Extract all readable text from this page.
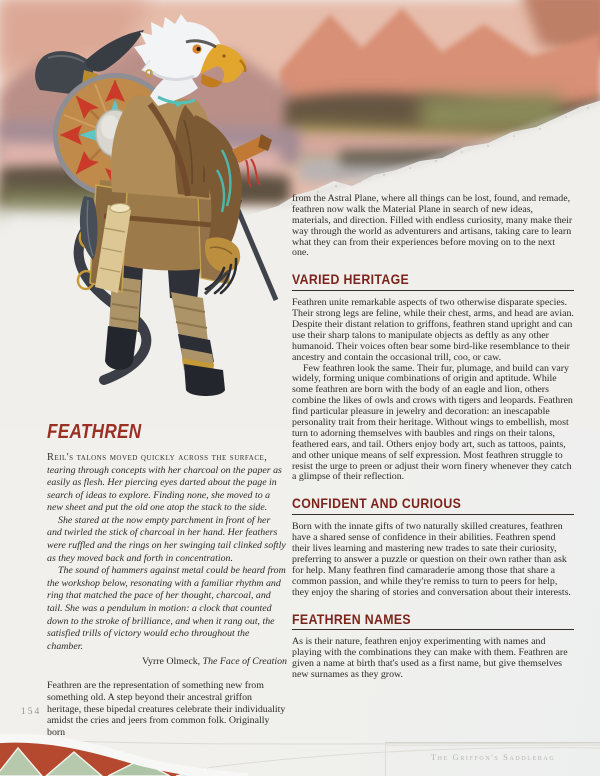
FEATHREN

Reil's talons moved quickly across the surface, tearing through concepts with her charcoal on the paper as easily as flesh. Her piercing eyes darted about the page in search of ideas to explore. Finding none, she moved to a new sheet and put the old one atop the stack to the side.

She stared at the now empty parchment in front of her and twirled the stick of charcoal in her hand. Her feathers were ruffled and the rings on her swinging tail clinked softly as they moved back and forth in concentration.

The sound of hammers against metal could be heard from the workshop below, resonating with a familiar rhythm and ring that matched the pace of her thought, charcoal, and tail. She was a pendulum in motion: a clock that counted down to the stroke of brilliance, and when it rang out, the satisfied trills of victory would echo throughout the chamber.

Vyrre Olmeck, The Face of Creation

Feathren are the representation of something new from something old. A step beyond their ancestral griffon heritage, these bipedal creatures celebrate their individuality amidst the cries and jeers from common folk. Originally born

from the Astral Plane, where all things can be lost, found, and remade, feathren now walk the Material Plane in search of new ideas, materials, and direction. Filled with endless curiosity, many make their way through the world as adventurers and artisans, taking care to learn what they can from their experiences before moving on to the next one.

VARIED HERITAGE

Feathren unite remarkable aspects of two otherwise disparate species. Their strong legs are feline, while their chest, arms, and head are avian. Despite their distant relation to griffons, feathren stand upright and can use their sharp talons to manipulate objects as deftly as any other humanoid. Their voices often bear some bird-like resemblance to their ancestry and contain the occasional trill, coo, or caw.

Few feathren look the same. Their fur, plumage, and build can vary widely, forming unique combinations of origin and aptitude. While some feathren are born with the body of an eagle and lion, others combine the likes of owls and crows with tigers and leopards. Feathren find particular pleasure in jewelry and decoration: an inescapable personality trait from their heritage. Without wings to embellish, most turn to adorning themselves with baubles and rings on their talons, feathered ears, and tail. Others enjoy body art, such as tattoos, paints, and other unique means of self expression. Most feathren struggle to resist the urge to preen or adjust their worn finery whenever they catch a glimpse of their reflection.

CONFIDENT AND CURIOUS

Born with the innate gifts of two naturally skilled creatures, feathren have a shared sense of confidence in their abilities. Feathren spend their lives learning and mastering new trades to sate their curiosity, preferring to answer a puzzle or question on their own rather than ask for help. Many feathren find camaraderie among those that share a common passion, and while they're remiss to turn to peers for help, they enjoy the sharing of stories and conversation about their interests.

FEATHREN NAMES

As is their nature, feathren enjoy experimenting with names and playing with the combinations they can make with them. Feathren are given a name at birth that's used as a first name, but give themselves new surnames as they grow.

154
The Griffon's Saddlebag
